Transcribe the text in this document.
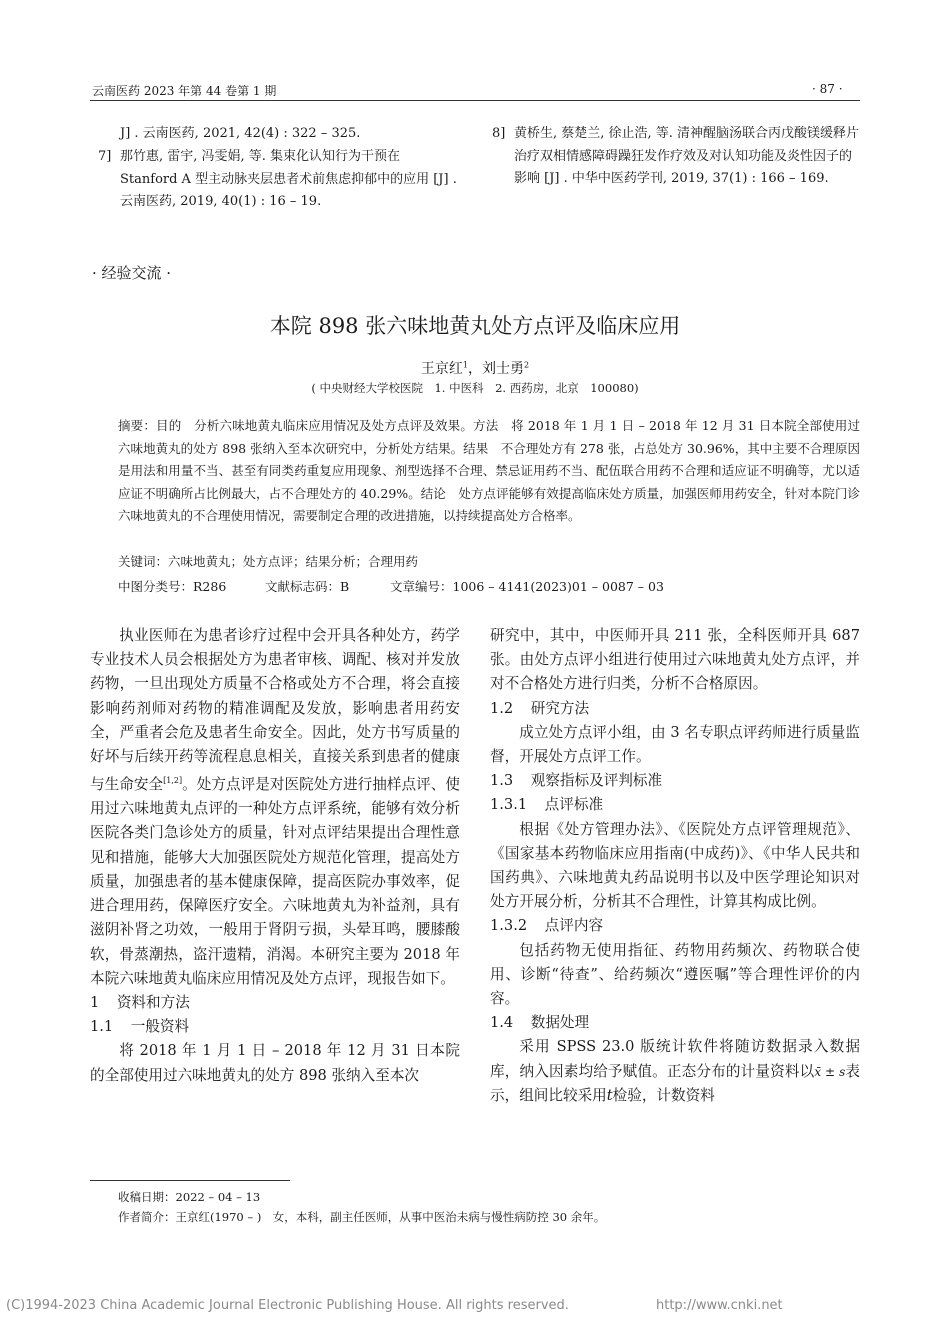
云南医药 2023 年第 44 卷第 1 期	· 87 ·
J] . 云南医药, 2021, 42(4) : 322 – 325.
7] 那竹惠, 雷宇, 冯雯娟, 等. 集束化认知行为干预在 Stanford A 型主动脉夹层患者术前焦虑抑郁中的应用 [J] . 云南医药, 2019, 40(1) : 16 – 19.
8] 黄桥生, 蔡楚兰, 徐止浩, 等. 清神醒脑汤联合丙戊酸镁缓释片治疗双相情感障碍躁狂发作疗效及对认知功能及炎性因子的影响 [J] . 中华中医药学刊, 2019, 37(1) : 166 – 169.
· 经验交流 ·
本院 898 张六味地黄丸处方点评及临床应用
王京红$^1$，刘士勇$^2$
( 中央财经大学校医院　1. 中医科　2. 西药房，北京　100080)
摘要：目的　分析六味地黄丸临床应用情况及处方点评及效果。方法　将 2018 年 1 月 1 日 – 2018 年 12 月 31 日本院全部使用过六味地黄丸的处方 898 张纳入至本次研究中，分析处方结果。结果　不合理处方有 278 张，占总处方 30.96%，其中主要不合理原因是用法和用量不当、甚至有同类药重复应用现象、剂型选择不合理、禁忌证用药不当、配伍联合用药不合理和适应证不明确等，尤以适应证不明确所占比例最大，占不合理处方的 40.29%。结论　处方点评能够有效提高临床处方质量，加强医师用药安全，针对本院门诊六味地黄丸的不合理使用情况，需要制定合理的改进措施，以持续提高处方合格率。
关键词：六味地黄丸；处方点评；结果分析；合理用药
中图分类号：R286	文献标志码：B	文章编号：1006 – 4141(2023)01 – 0087 – 03

执业医师在为患者诊疗过程中会开具各种处方，药学专业技术人员会根据处方为患者审核、调配、核对并发放药物，一旦出现处方质量不合格或处方不合理，将会直接影响药剂师对药物的精准调配及发放，影响患者用药安全，严重者会危及患者生命安全。因此，处方书写质量的好坏与后续开药等流程息息相关，直接关系到患者的健康与生命安全[1,2]。处方点评是对医院处方进行抽样点评、使用过六味地黄丸点评的一种处方点评系统，能够有效分析医院各类门急诊处方的质量，针对点评结果提出合理性意见和措施，能够大大加强医院处方规范化管理，提高处方质量，加强患者的基本健康保障，提高医院办事效率，促进合理用药，保障医疗安全。六味地黄丸为补益剂，具有滋阴补肾之功效，一般用于肾阴亏损，头晕耳鸣，腰膝酸软，骨蒸潮热，盗汗遗精，消渴。本研究主要为 2018 年本院六味地黄丸临床应用情况及处方点评，现报告如下。

1 资料和方法

1.1 一般资料

将 2018 年 1 月 1 日 – 2018 年 12 月 31 日本院的全部使用过六味地黄丸的处方 898 张纳入至本次

研究中，其中，中医师开具 211 张，全科医师开具 687 张。由处方点评小组进行使用过六味地黄丸处方点评，并对不合格处方进行归类，分析不合格原因。

1.2 研究方法

成立处方点评小组，由 3 名专职点评药师进行质量监督，开展处方点评工作。

1.3 观察指标及评判标准

1.3.1 点评标准

根据《处方管理办法》、《医院处方点评管理规范》、《国家基本药物临床应用指南(中成药)》、《中华人民共和国药典》、六味地黄丸药品说明书以及中医学理论知识对处方开展分析，分析其不合理性，计算其构成比例。

1.3.2 点评内容

包括药物无使用指征、药物用药频次、药物联合使用、诊断“待查”、给药频次“遵医嘱”等合理性评价的内容。

1.4 数据处理

采用 SPSS 23.0 版统计软件将随访数据录入数据库，纳入因素均给予赋值。正态分布的计量资料以x̄ ± s表示，组间比较采用t检验，计数资料

收稿日期：2022 – 04 – 13
作者简介：王京红(1970 – )　女，本科，副主任医师，从事中医治未病与慢性病防控 30 余年。
(C)1994-2023 China Academic Journal Electronic Publishing House. All rights reserved.	http://www.cnki.net
